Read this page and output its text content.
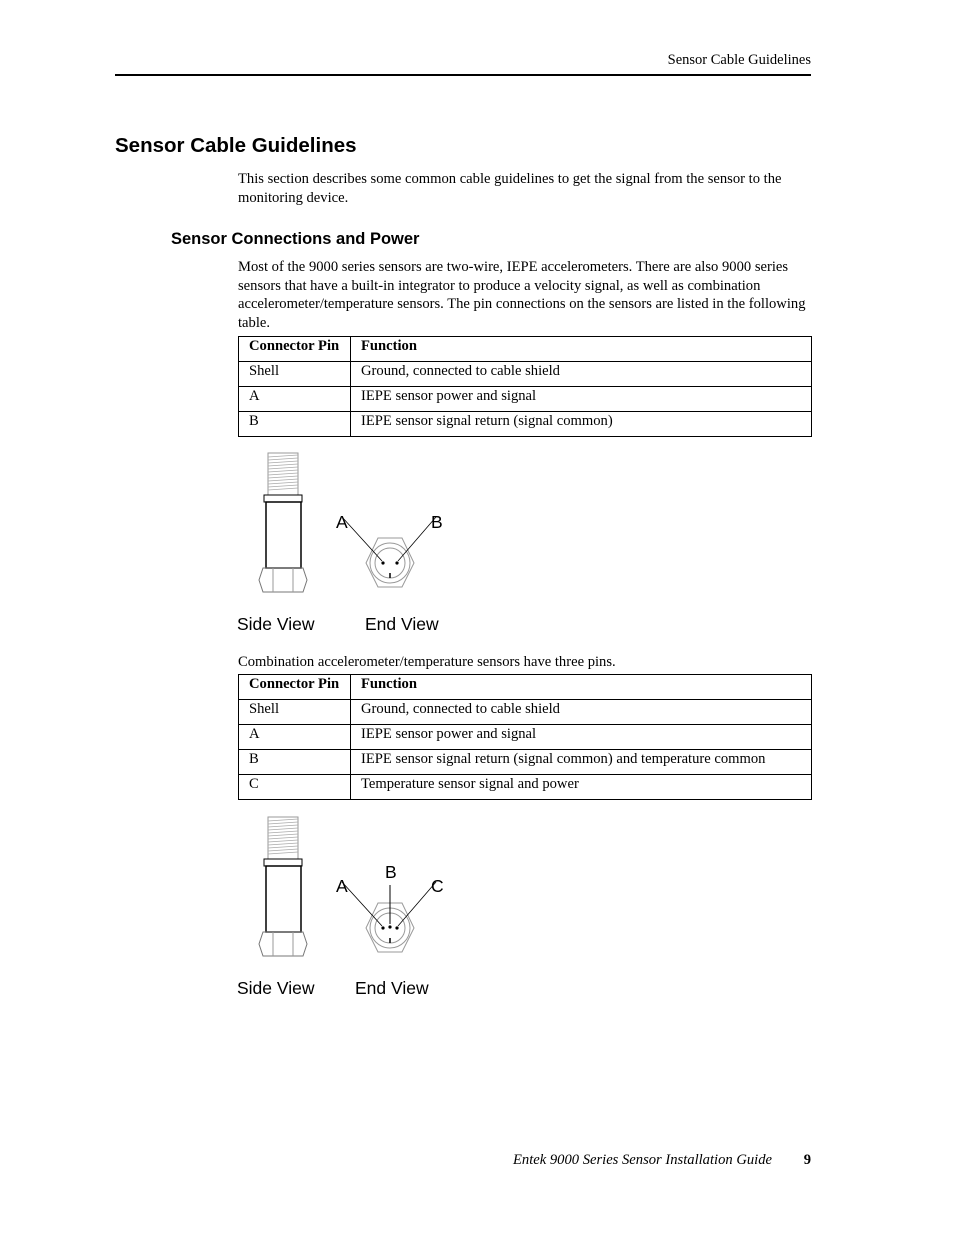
Sensor Cable Guidelines
Sensor Cable Guidelines
This section describes some common cable guidelines to get the signal from the sensor to the monitoring device.
Sensor Connections and Power
Most of the 9000 series sensors are two-wire, IEPE accelerometers. There are also 9000 series sensors that have a built-in integrator to produce a velocity signal, as well as combination accelerometer/temperature sensors. The pin connections on the sensors are listed in the following table.
Connector Pin	Function
Shell	Ground, connected to cable shield
A	IEPE sensor power and signal
B	IEPE sensor signal return (signal common)
A	B
Side View	End View
Combination accelerometer/temperature sensors have three pins.
Connector Pin	Function
Shell	Ground, connected to cable shield
A	IEPE sensor power and signal
B	IEPE sensor signal return (signal common) and temperature common
C	Temperature sensor signal and power
A
B
C
Side View End View
Entek 9000 Series Sensor Installation Guide	9
